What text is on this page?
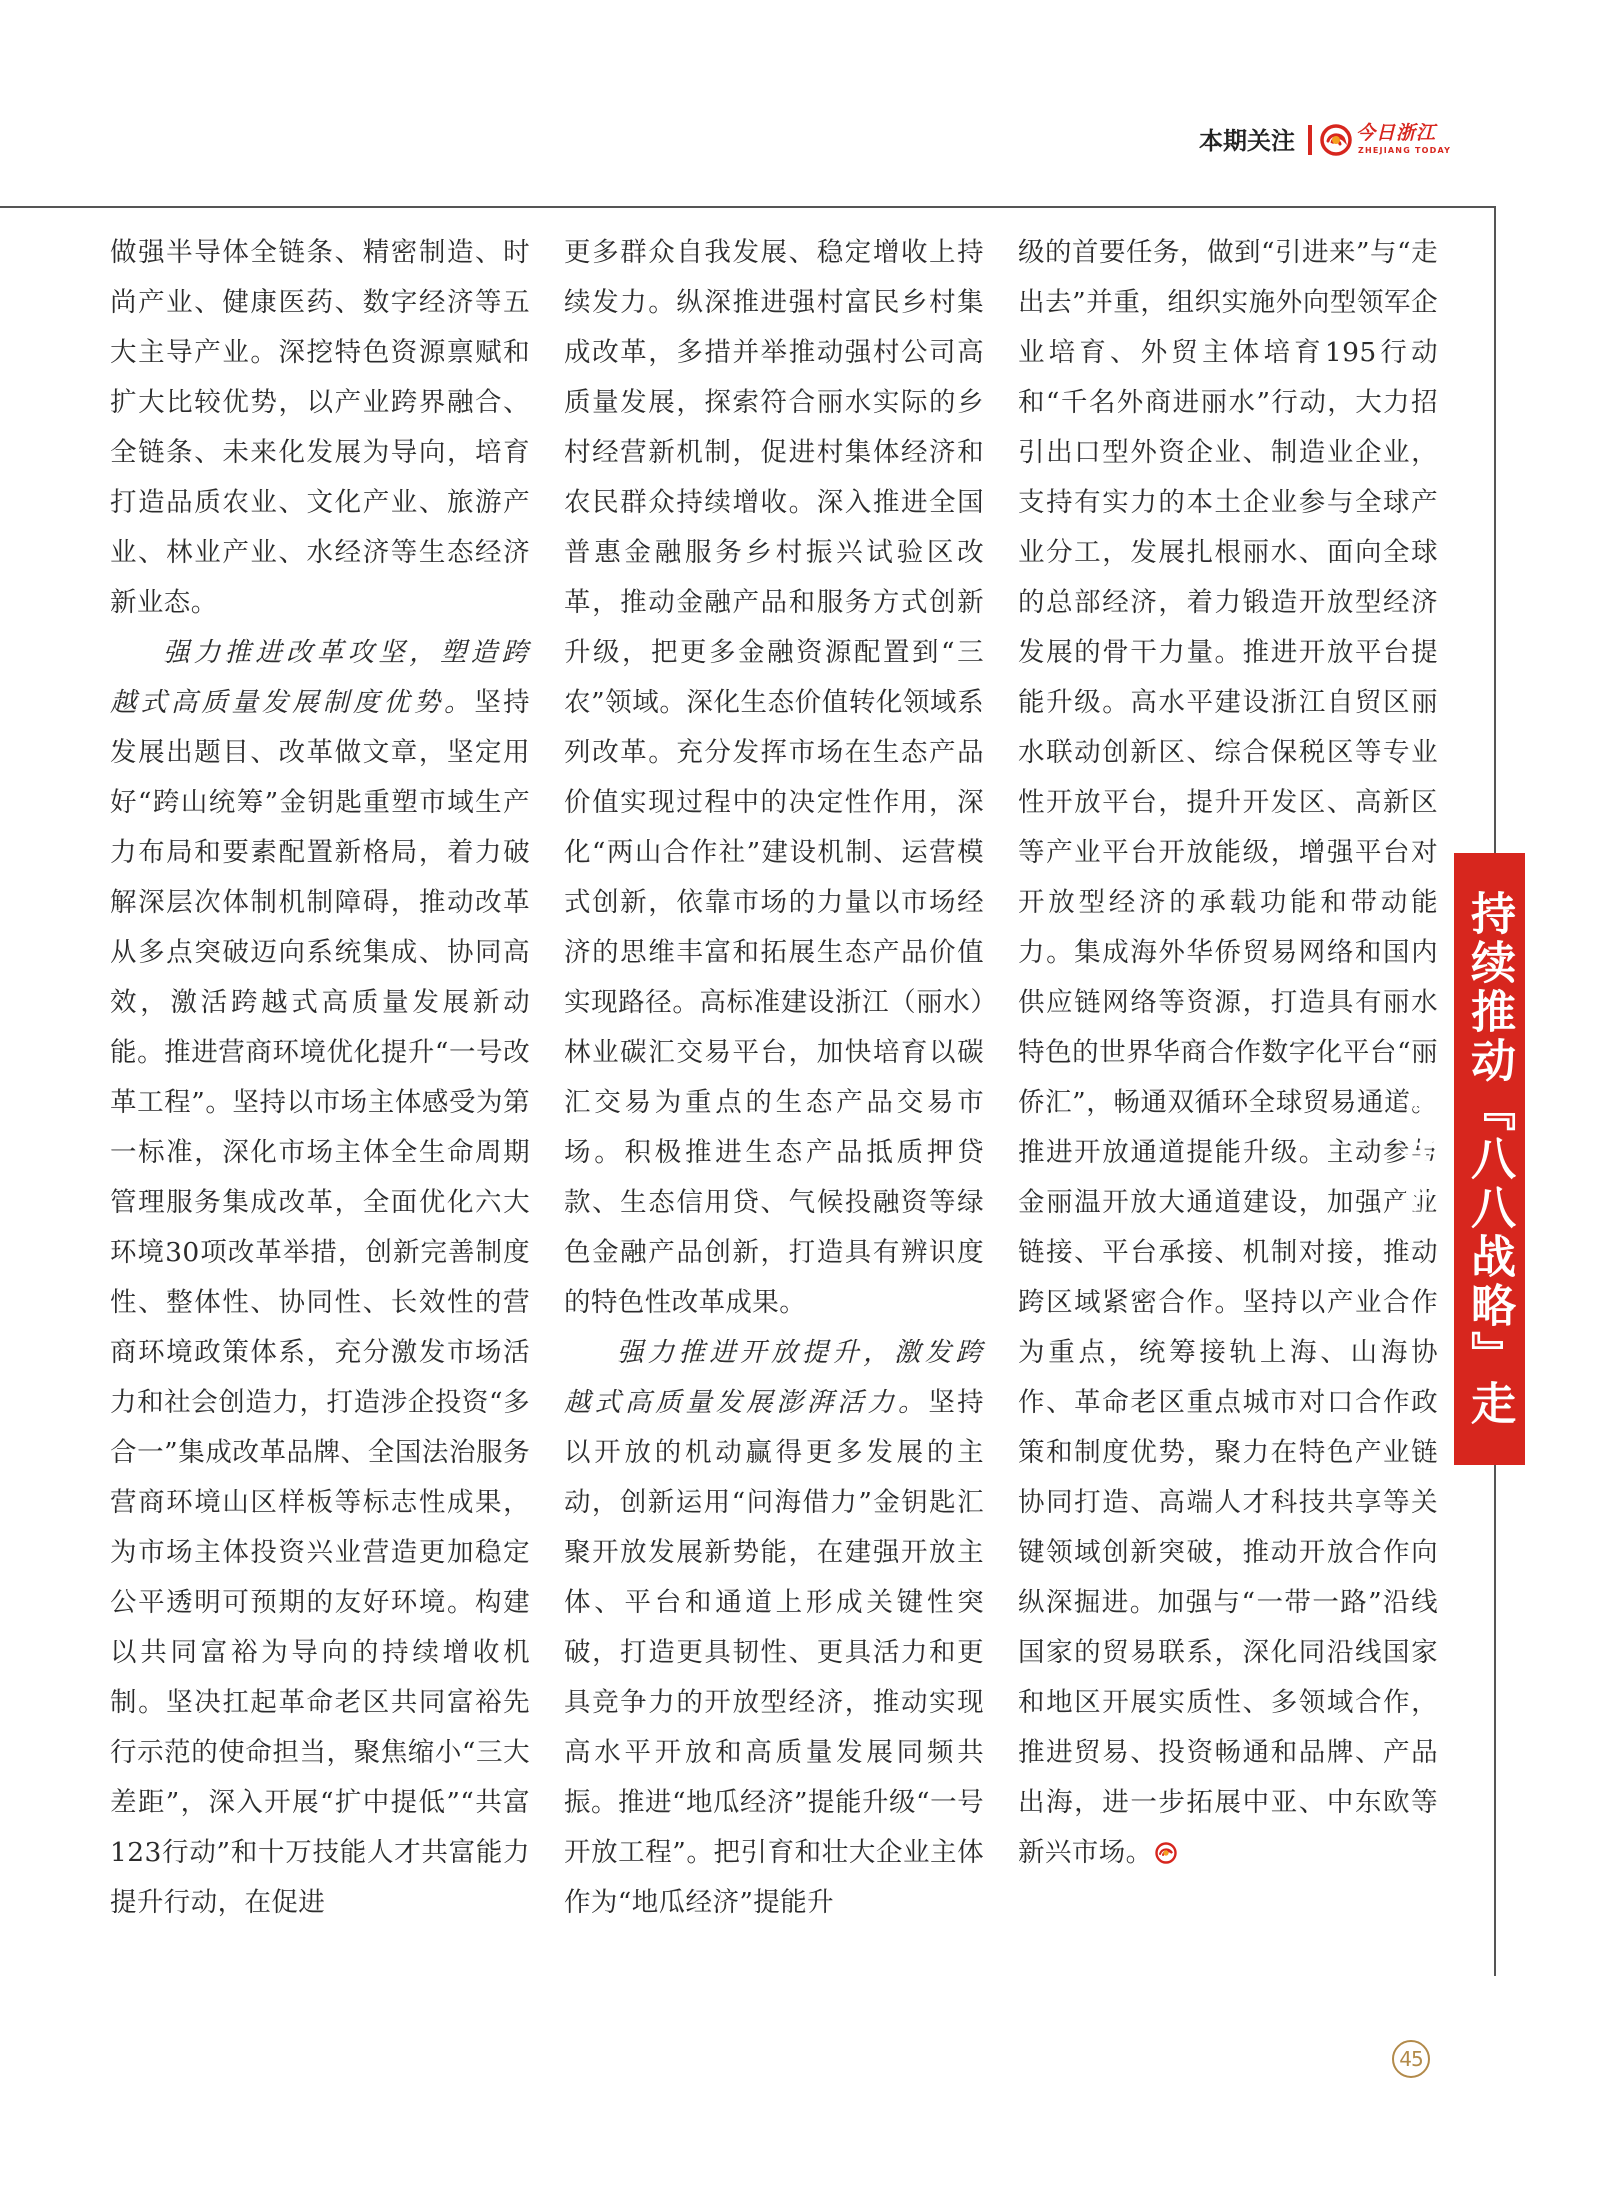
本期关注	今日浙江
ZHEJIANG TODAY

做强半导体全链条、精密制造、时尚产业、健康医药、数字经济等五大主导产业。深挖特色资源禀赋和扩大比较优势，以产业跨界融合、全链条、未来化发展为导向，培育打造品质农业、文化产业、旅游产业、林业产业、水经济等生态经济新业态。

强力推进改革攻坚，塑造跨越式高质量发展制度优势。坚持发展出题目、改革做文章，坚定用好“跨山统筹”金钥匙重塑市域生产力布局和要素配置新格局，着力破解深层次体制机制障碍，推动改革从多点突破迈向系统集成、协同高效，激活跨越式高质量发展新动能。推进营商环境优化提升“一号改革工程”。坚持以市场主体感受为第一标准，深化市场主体全生命周期管理服务集成改革，全面优化六大环境30项改革举措，创新完善制度性、整体性、协同性、长效性的营商环境政策体系，充分激发市场活力和社会创造力，打造涉企投资“多合一”集成改革品牌、全国法治服务营商环境山区样板等标志性成果，为市场主体投资兴业营造更加稳定公平透明可预期的友好环境。构建以共同富裕为导向的持续增收机制。坚决扛起革命老区共同富裕先行示范的使命担当，聚焦缩小“三大差距”，深入开展“扩中提低”“共富123行动”和十万技能人才共富能力提升行动，在促进

更多群众自我发展、稳定增收上持续发力。纵深推进强村富民乡村集成改革，多措并举推动强村公司高质量发展，探索符合丽水实际的乡村经营新机制，促进村集体经济和农民群众持续增收。深入推进全国普惠金融服务乡村振兴试验区改革，推动金融产品和服务方式创新升级，把更多金融资源配置到“三农”领域。深化生态价值转化领域系列改革。充分发挥市场在生态产品价值实现过程中的决定性作用，深化“两山合作社”建设机制、运营模式创新，依靠市场的力量以市场经济的思维丰富和拓展生态产品价值实现路径。高标准建设浙江（丽水）林业碳汇交易平台，加快培育以碳汇交易为重点的生态产品交易市场。积极推进生态产品抵质押贷款、生态信用贷、气候投融资等绿色金融产品创新，打造具有辨识度的特色性改革成果。

强力推进开放提升，激发跨越式高质量发展澎湃活力。坚持以开放的机动赢得更多发展的主动，创新运用“问海借力”金钥匙汇聚开放发展新势能，在建强开放主体、平台和通道上形成关键性突破，打造更具韧性、更具活力和更具竞争力的开放型经济，推动实现高水平开放和高质量发展同频共振。推进“地瓜经济”提能升级“一号开放工程”。把引育和壮大企业主体作为“地瓜经济”提能升

级的首要任务，做到“引进来”与“走出去”并重，组织实施外向型领军企业培育、外贸主体培育195行动和“千名外商进丽水”行动，大力招引出口型外资企业、制造业企业，支持有实力的本土企业参与全球产业分工，发展扎根丽水、面向全球的总部经济，着力锻造开放型经济发展的骨干力量。推进开放平台提能升级。高水平建设浙江自贸区丽水联动创新区、综合保税区等专业性开放平台，提升开发区、高新区等产业平台开放能级，增强平台对开放型经济的承载功能和带动能力。集成海外华侨贸易网络和国内供应链网络等资源，打造具有丽水特色的世界华商合作数字化平台“丽侨汇”，畅通双循环全球贸易通道。推进开放通道提能升级。主动参与金丽温开放大通道建设，加强产业链接、平台承接、机制对接，推动跨区域紧密合作。坚持以产业合作为重点，统筹接轨上海、山海协作、革命老区重点城市对口合作政策和制度优势，聚力在特色产业链协同打造、高端人才科技共享等关键领域创新突破，推动开放合作向纵深掘进。加强与“一带一路”沿线国家的贸易联系，深化同沿线国家和地区开展实质性、多领域合作，推进贸易、投资畅通和品牌、产品出海，进一步拓展中亚、中东欧等新兴市场。

持续推动『八八战略』走深走实
45
